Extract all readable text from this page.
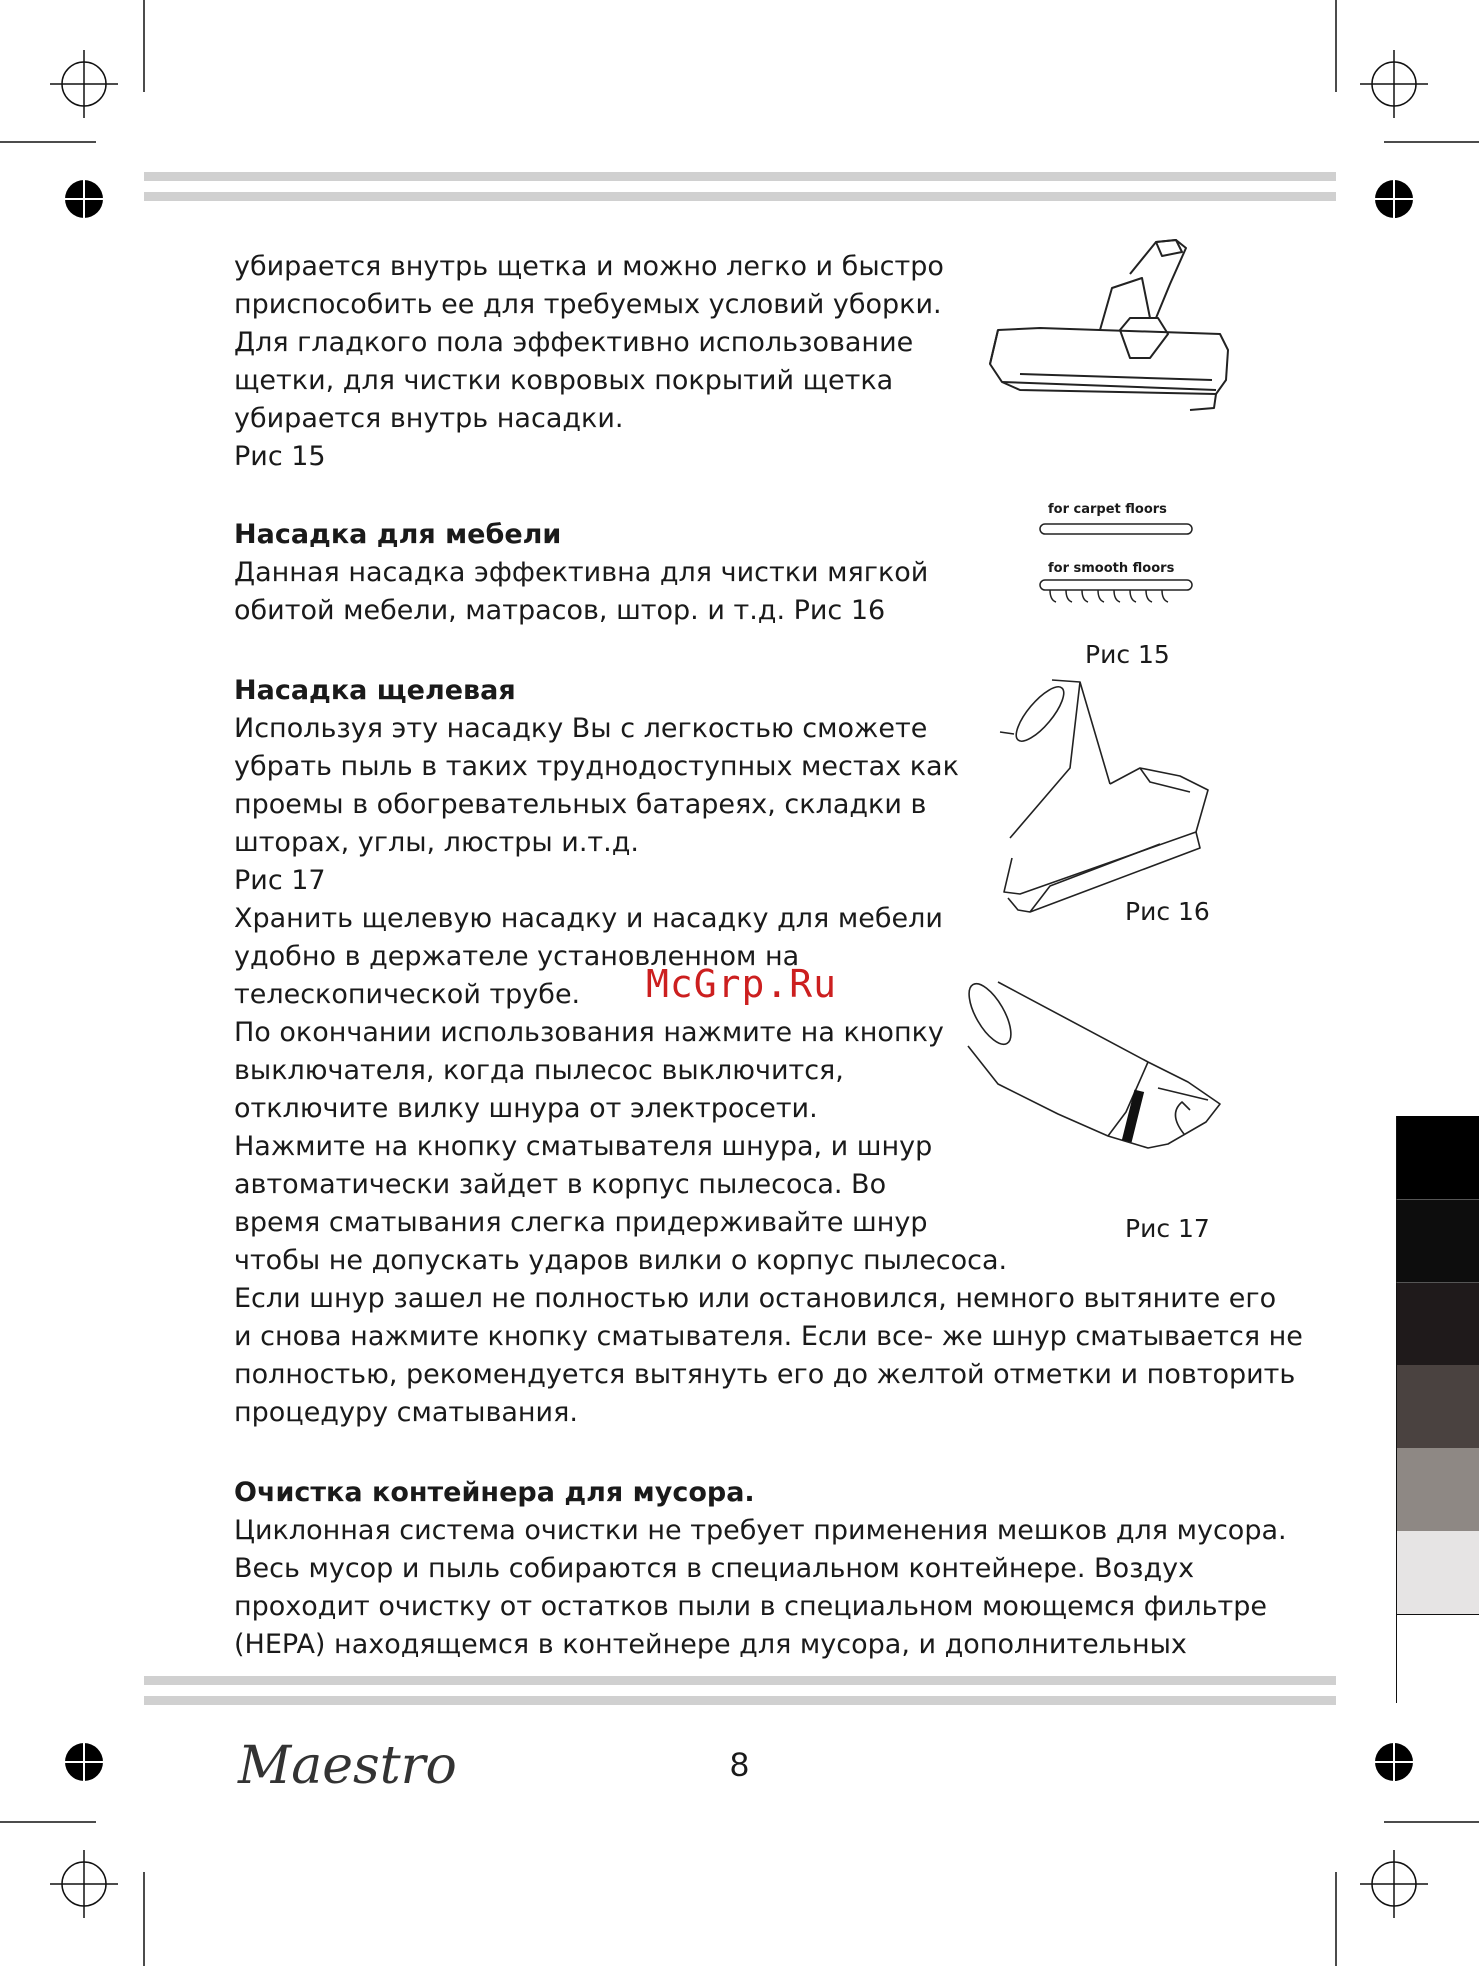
убирается внутрь щетка и можно легко и быстро
приспособить ее для требуемых условий уборки.
Для гладкого пола эффективно использование
щетки, для чистки ковровых покрытий щетка
убирается внутрь насадки.
Рис 15
Насадка для мебели
Данная насадка эффективна для чистки мягкой
обитой мебели, матрасов, штор. и т.д. Рис 16
Насадка щелевая
Используя эту насадку Вы с легкостью сможете
убрать пыль в таких труднодоступных местах как
проемы в обогревательных батареях, складки в
шторах, углы, люстры и.т.д.
Рис 17
Хранить щелевую насадку и насадку для мебели
удобно в держателе установленном на
телескопической трубе.
По окончании использования нажмите на кнопку
выключателя, когда пылесос выключится,
отключите вилку шнура от электросети.
Нажмите на кнопку сматывателя шнура, и шнур
автоматически зайдет в корпус пылесоса. Во
время сматывания слегка придерживайте шнур
чтобы не допускать ударов вилки о корпус пылесоса.
Если шнур зашел не полностью или остановился, немного вытяните его
и снова нажмите кнопку сматывателя. Если все- же шнур сматывается не
полностью, рекомендуется вытянуть его до желтой отметки и повторить
процедуру сматывания.
Очистка контейнера для мусора.
Циклонная система очистки не требует применения мешков для мусора.
Весь мусор и пыль собираются в специальном контейнере. Воздух
проходит очистку от остатков пыли в специальном моющемся фильтре
(HEPA) находящемся в контейнере для мусора, и дополнительных
for carpet floors
for smooth floors
Рис 15
Рис 16
Рис 17
McGrp.Ru
Maestro	8
